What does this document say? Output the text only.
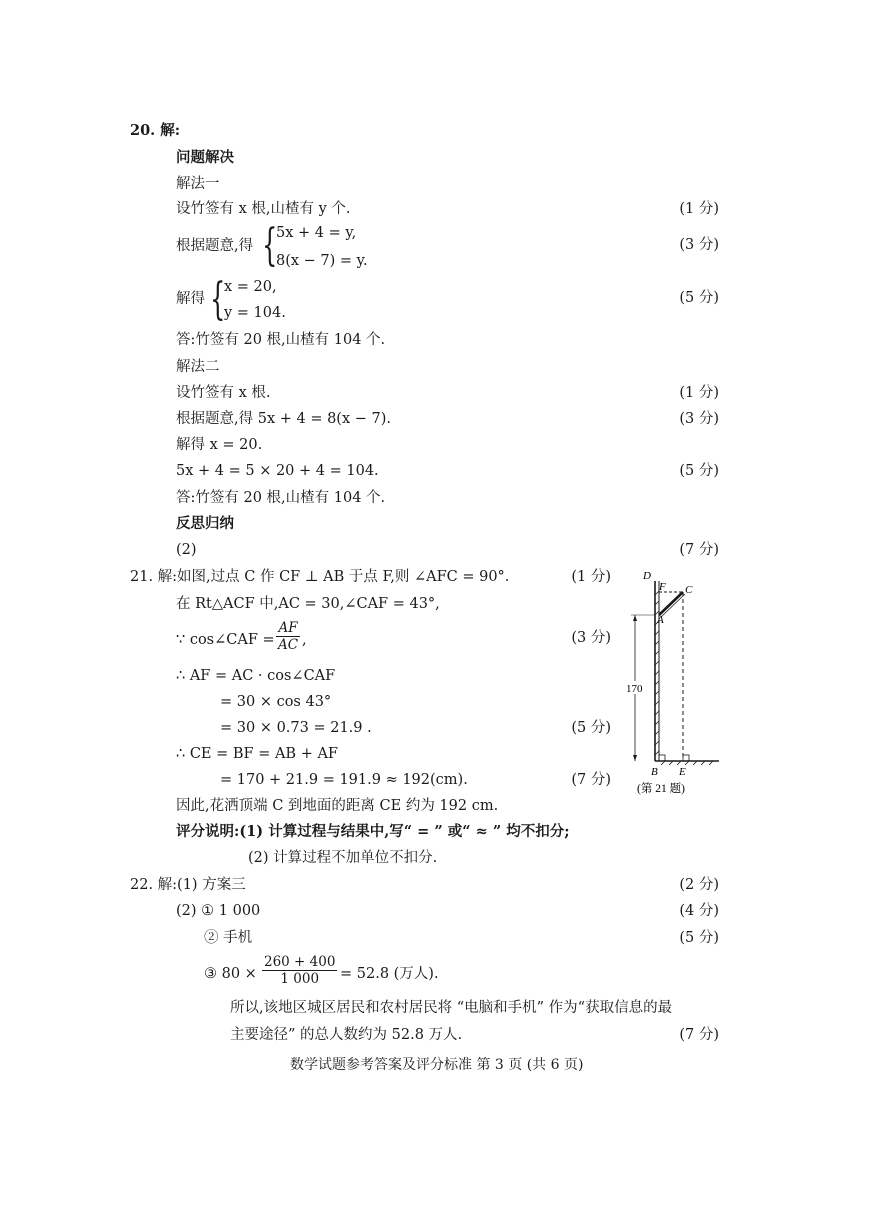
20. 解:
问题解决
解法一
设竹签有 x 根,山楂有 y 个.	(1 分)
根据题意,得 {
5x + 4 = y,
8(x − 7) = y.
(3 分)
解得 {
x = 20,
y = 104.
(5 分)
答:竹签有 20 根,山楂有 104 个.
解法二
设竹签有 x 根.	(1 分)
根据题意,得 5x + 4 = 8(x − 7).	(3 分)
解得 x = 20.
5x + 4 = 5 × 20 + 4 = 104.	(5 分)
答:竹签有 20 根,山楂有 104 个.
反思归纳
(2)	(7 分)
21. 解:如图,过点 C 作 CF ⊥ AB 于点 F,则 ∠AFC = 90°.	(1 分)
在 Rt△ACF 中,AC = 30,∠CAF = 43°,
∵ cos∠CAF =
AF
AC ,	(3 分)
∴ AF = AC · cos∠CAF
= 30 × cos 43°
= 30 × 0.73 = 21.9 .	(5 分)
∴ CE = BF = AB + AF
= 170 + 21.9 = 191.9 ≈ 192(cm).	(7 分)
因此,花洒顶端 C 到地面的距离 CE 约为 192 cm.
评分说明:(1) 计算过程与结果中,写“ = ” 或“ ≈ ” 均不扣分;
(2) 计算过程不加单位不扣分.
D
F C
A
170
B E
(第 21 题)
22. 解:(1) 方案三	(2 分)
(2) ① 1 000	(4 分)
② 手机	(5 分)
③ 80 ×
260 + 400
1 000	= 52.8 (万人).
所以,该地区城区居民和农村居民将 “电脑和手机” 作为“获取信息的最
主要途径” 的总人数约为 52.8 万人.	(7 分)
数学试题参考答案及评分标准 第 3 页 (共 6 页)
